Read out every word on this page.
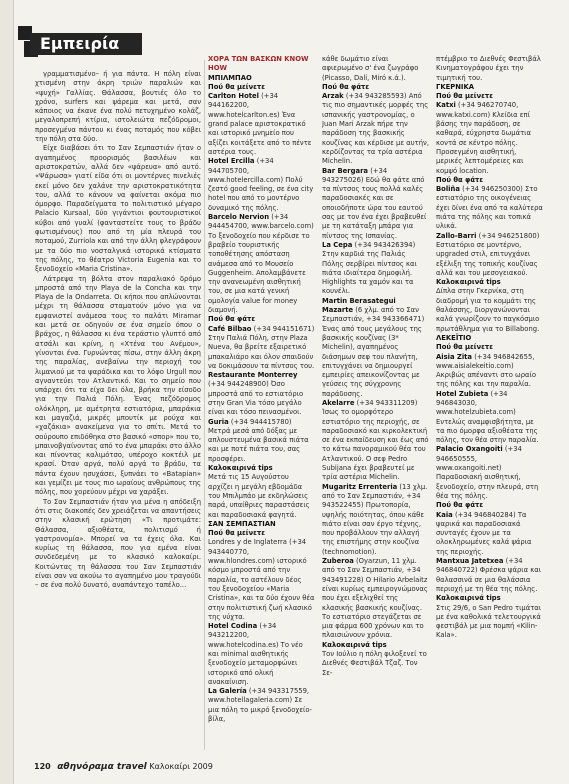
Εμπειρία

γραμματισμένο– ή για πάντα. Η πόλη είναι χτισμένη στην άκρη τριών παραλιών και «ψυχή» Γαλλίας. Θάλασσα, βουτιές όλο το χρόνο, surfers και ψάρεμα και μετά, σαν κάποιος να έκανε ένα πολύ πετυχημένο κολάζ, μεγαλοπρεπή κτίρια, ιστολειώτα πεζόδρομοι, προσεγμένα πάντου κι ένας ποταμός που κόβει την πόλη στα δύο.

Είχε διαβάσει ότι το Σαν Σεμπαστιάν ήταν ο αγαπημένος προορισμός βασιλέων και αριστοκρατών, αλλά δεν «ψάρευα» από αυτό. «Ψάρωσα» γιατί είδα ότι οι μοντέρνες πινελιές εκεί μόνο δεν χαλάνε την αριστοκρατικότητα του, αλλά το κάνουν να φαίνεται ακόμα πιο όμορφο. Παραδείγματα το πολιτιστικό μέγαρο Palacio Kursaal, δύο γιγάντιοι φουτουριστικοί κύβοι από γυαλί (φανταστείτε τους το βράδυ φωτισμένους) που από τη μία πλευρά του ποταμού, Zurriola και από την άλλη φλεγράφουν με τα δύο πιο νοσταλγικά ιστορικά κτίσματα της πόλης, το θέατρο Victoria Eugenia και το ξενοδοχείο «Maria Cristina».

Λάτρεψα τη βόλτα στον παραλιακό δρόμο μπροστά από την Playa de la Concha και την Playa de la Ondarreta. Οι κήποι που απλώνονται μέχρι τη θάλασσα σταματούν μόνο για να εμφανιστεί ανάμεσα τους το παλάτι Miramar και μετά σε οδηγούν σε ένα σημείο όπου ο βράχος, η θάλασσα κι ένα τεράστιο γλυπτό από ατσάλι και κρίνη, η «Χτένα του Ανέμου», γίνονται ένα. Γυρνώντας πίσω, στην άλλη άκρη της παραλίας, ανεβαίνω την περιοχή του λιμανιού με τα ψαράδικα και το λόφο Urgull που αγναντεύει τον Ατλαντικό. Και το σημείο που υπάρχει ότι τα είχα δει όλα, βρήκα την είσοδο για την Παλιά Πόλη. Ένας πεζόδρομος ολόκληρη, με αμέτρητα εστιατόρια, μπαράκια και μαγαζιά, μικρές μπουτίκ με ρούχα και «χαζάκια» ανακείμενα για το σπίτι. Μετά το σούρουπο επιδόθηκα στο βασικό «σπορ» που το, μπαινοβγαίνοντας από το ένα μπαράκι στο άλλο και πίνοντας καλιμότσο, υπέροχο κοκτέιλ με κρασί. Όταν αργά, πολύ αργά το βράδυ, τα πάντα έχουν ησυχάσει, ξυπνάει το «Batapian» και γεμίζει με τους πιο ωραίους ανθρώπους της πόλης, που χορεύουν μέχρι να χαράξει.

Το Σαν Σεμπαστιάν ήταν για μένα η απόδειξη ότι στις διακοπές δεν χρειάζεται να απαντήσεις στην κλασική ερώτηση «Τι προτιμάτε: Θάλασσα, αξιοθέατα, πολιτισμό ή γαστρονομία». Μπορεί να τα έχεις όλα. Και κυρίως τη θάλασσα, που για εμένα είναι συνδεδεμένη με το κλασικό καλοκαίρι. Κοιτώντας τη θάλασσα του Σαν Σεμπαστιάν είναι σαν να ακούω το αγαπημένο μου τραγούδι – σε ένα πολύ δυνατό, αναπάντεχο ταπέλο...

ΧΟΡΑ ΤΩΝ ΒΑΣΚΩΝ KNOW HOW

ΜΠΙΛΜΠΑΟ

Πού θα μείνετε

Carlton Hotel (+34 944162200, www.hotelcarlton.es) Ένα grand palace αριστοκρατικό και ιστορικό μνημείο που αξίζει κοιτάξετε από το πέντε αστέρια τους.

Hotel Ercilla (+34 944705700, www.hotelercilla.com) Πολύ ζεστό good feeling, σε ένα city hotel που από το μοντέρνο δυναμικό της πόλης.

Barcelo Nervion (+34 944454700, www.barcelo.com) Το ξενοδοχείο που κέρδισε το βραβείο τουριστικής τοποθέτησης απόσταση ανάμεσα από το Μουσείο Guggenheim. Απολαμβάνετε την ανανεωμένη αισθητική του, σε μια κατά γενική ομολογία value for money διαμονή.

Πού θα φάτε

Café Bilbao (+34 944151671) Στην Παλιά Πόλη, στην Plaza Nueva, θα βρείτε εξαιρετικό μπακαλιάρο και όλον σπαιδούν να δοκιμάσουν τα πίντσος του.

Restaurante Monterrey (+34 944248900) Όσο μπροστά από το εστιατόριο στην Gran Via τόσο μεγάλο είναι και τόσο πεινασμένοι.

Guria (+34 944415780) Μετρά μεσά από δόξας με απλουστευμένα βασικά πιάτα και με ποτέ πιάτα του, σας προσφέρει.

Καλοκαιρινά tips

Μετά τις 15 Αυγούστου αρχίζει η μεγάλη εβδομάδα του Μπιλμπάο με εκδηλώσεις παρά, υπαίθριες παραστάσεις και παραδοσιακά φαγητά.

ΣΑΝ ΣΕΜΠΑΣΤΙΑΝ

Πού θα μείνετε

Londres y de Inglaterra (+34 943440770, www.hlondres.com) ιστορικό κόσμο μπροστά από την παραλία, το αστέλουν δέος του ξενοδοχείου «Maria Cristina», και τα δύο έχουν θέα στην πολιτιστική ζωή κλασικό της νύχτα.

Hotel Codina (+34 943212200, www.hotelcodina.es) Το νέο και minimal αισθητικής ξενοδοχείο μεταμορφώνει ιστορικό από ολική ανακαίνιση.

La Galería (+34 943317559, www.hotellagaleria.com) Σε μια πόλη το μικρό ξενοδοχείο-βίλα,

κάθε δωμάτιο είναι αφιερωμένο σ' ένα ζωγράφο (Picasso, Dalí, Miró κ.ά.).

Πού θα φάτε

Arzak (+34 943285593) Από τις πιο σημαντικές μορφές της ισπανικής γαστρονομίας, ο Juan Mari Arzak πήρε την παράδοση της βασκικής κουζίνας και κέρδισε με αυτήν, κερδίζοντας τα τρία αστέρια Michelin.

Bar Bergara (+34 943275026) Εδώ θα φάτε από τα πίντσος τους πολλά καλές παραδοσιακές και σε οποιοδήποτε ώρα του εαυτού σας με τον ένα έχει βραβευθεί με τη κατάταξη μπάρα για πίντσος της Ισπανίας.

La Cepa (+34 943426394) Στην καρδιά της Παλιάς Πόλης σερβίρει πίντσος και πιάτα ιδιαίτερα δημοφιλή. Highlights τα χαμόν και τα κουνέλι.

Martin Berasategui Mazarte (6 χλμ. από το Σαν Σεμπαστιάν, +34 943366471) Ένας από τους μεγάλους της βασκικής κουζίνας (3* Michelin), αγαπημένος διάσημων σεφ του πλανήτη, επιτυγχάνει να δημιουργεί εμπειρίες απεικονίζοντας με γεύσεις της σύγχρονης παράδοσης.

Akelarre (+34 943311209) Ίσως το ομορφότερο εστιατόριο της περιοχής, σε παραδοσιακό και κιρκολεκτική σε ένα εκπαίδευση και έως από το κάτω πανοραμικού θέα του Ατλαντικού. Ο σεφ Pedro Subijana έχει βραβευτεί με τρία αστέρια Michelin.

Mugaritz Errenteria (13 χλμ. από το Σαν Σεμπαστιάν, +34 943522455) Πρωτοπορία, υψηλής ποιότητας, όπου κάθε πιάτο είναι σαν έργο τέχνης, που προβάλλουν την αλλαγή της επιστήμης στην κουζίνα (technomotion).

Zuberoa (Oyarzun, 11 χλμ. από το Σαν Σεμπαστιάν, +34 943491228) Ο Hilario Arbelaitz είναι κυρίως εμπειρογνώμονας που έχει εξελιχθεί της κλασικής βασκικής κουζίνας. Το εστιατόριο στεγάζεται σε μια φάρμα 600 χρόνων και το πλαισιώνουν χρόνια.

Καλοκαιρινά tips

Τον Ιούλιο η πόλη φιλοξενεί το Διεθνές Φεστιβάλ Τζαζ. Τον Σε-

πτέμβριο το Διεθνές Φεστιβάλ Κινηματογράφου έχει την τιμητική του.

ΓΚΕΡΝΙΚΑ

Πού θα μείνετε

Katxi (+34 946270740, www.katxi.com) Κλείδια επί βάσης την παράδοση, σε καθαρά, εύχρηστα δωμάτια κοντά σε κέντρο πόλης. Προσεγμένη αισθητική, μερικές λεπτομέρειες και κομψό location.

Πού θα φάτε

Boliña (+34 946250300) Στο εστιατόριο της οικογένειας έχει δίνει ένα από τα καλύτερα πιάτα της πόλης και τοπικά υλικά.

Zallo-Barri (+34 946251800) Εστιατόριο σε μοντέρνο, upgraded στιλ, επιτυγχάνει εξέλιξη της τοπικής κουζίνας αλλά και του μεσογειακού.

Καλοκαιρινά tips

Δίπλα στην Γκερνίκα, στη διαδρομή για το κομμάτι της θαλάσσης, διοργανώνονται καλά γνωρίζουν το παγκόσμιο πρωτάθλημα για το Billabong.

ΛΕΚΕΪΤΙΟ

Πού θα μείνετε

Aisia Zita (+34 946842655, www.aisialekeitio.com) Ακριβώς απέναντι στο ωραίο της πόλης και την παραλία.

Hotel Zubieta (+34 946843030, www.hotelzubieta.com) Εντελώς αναμφισβήτητα, με τα πιο όμορφα αξιοθέατα της πόλης, τον θέα στην παραλία.

Palacio Oxangoiti (+34 946650555, www.oxangoiti.net) Παραδοσιακή αισθητική, ξενοδοχείο, στην πλευρά, στη θέα της πόλης.

Πού θα φάτε

Kaia (+34 946840284) Τα ψαρικά και παραδοσιακά συνταγές έχουν με τα ολοκληρωμένες καλά ψάρια της περιοχής.

Mantxua Jatetxea (+34 946840722) Φρέσκα ψάρια και θαλασσινά σε μια θαλάσσια περιοχή με τη θέα της πόλης.

Καλοκαιρινά tips

Στις 29/6, ο San Pedro τιμάται με ένα καθολικά τελετουργικά φεστιβάλ με μια πομπή «Kilin-Kala».

120 αθηνόραμα travel Καλοκαίρι 2009
